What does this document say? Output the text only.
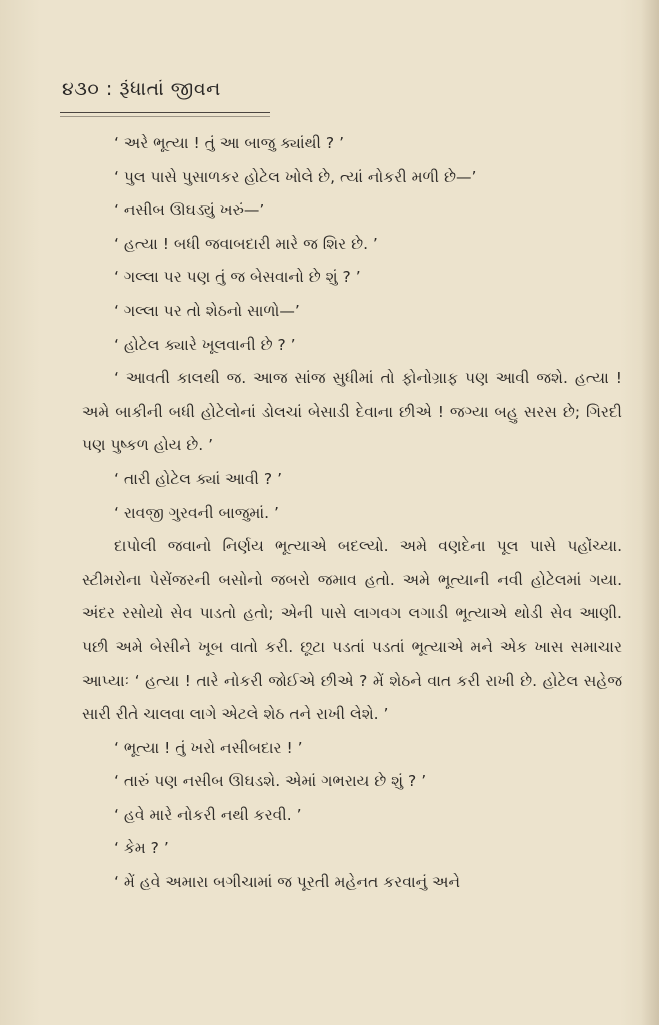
૪૩૦ : રૂંધાતાં જીવન
‘ અરે ભૂત્યા ! તું આ બાજુ ક્યાંથી ? ’
‘ પુલ પાસે પુસાળકર હોટેલ ખોલે છે, ત્યાં નોકરી મળી છે—’
‘ નસીબ ઊઘડ્યું ખરું—’
‘ હત્યા ! બધી જવાબદારી મારે જ શિર છે. ’
‘ ગલ્લા પર પણ તું જ બેસવાનો છે શું ? ’
‘ ગલ્લા પર તો શેઠનો સાળો—’
‘ હોટેલ ક્યારે ખૂલવાની છે ? ’
‘ આવતી કાલથી જ. આજ સાંજ સુધીમાં તો ફોનોગ્રાફ પણ આવી જશે. હત્યા ! અમે બાકીની બધી હોટેલોનાં ડોલચાં બેસાડી દેવાના છીએ ! જગ્યા બહુ સરસ છે; ગિરદી પણ પુષ્કળ હોય છે. ’
‘ તારી હોટેલ ક્યાં આવી ? ’
‘ રાવજી ગુરવની બાજુમાં. ’
દાપોલી જવાનો નિર્ણય ભૂત્યાએ બદલ્યો. અમે વણદેના પૂલ પાસે પહોંચ્યા. સ્ટીમરોના પેસેંજરની બસોનો જબરો જમાવ હતો. અમે ભૂત્યાની નવી હોટેલમાં ગયા. અંદર રસોયો સેવ પાડતો હતો; એની પાસે લાગવગ લગાડી ભૂત્યાએ થોડી સેવ આણી. પછી અમે બેસીને ખૂબ વાતો કરી. છૂટા પડતાં પડતાં ભૂત્યાએ મને એક ખાસ સમાચાર આપ્યાઃ ‘ હત્યા ! તારે નોકરી જોઈએ છીએ ? મેં શેઠને વાત કરી રાખી છે. હોટેલ સહેજ સારી રીતે ચાલવા લાગે એટલે શેઠ તને રાખી લેશે. ’
‘ ભૂત્યા ! તું ખરો નસીબદાર ! ’
‘ તારું પણ નસીબ ઊઘડશે. એમાં ગભરાય છે શું ? ’
‘ હવે મારે નોકરી નથી કરવી. ’
‘ કેમ ? ’
‘ મેં હવે અમારા બગીચામાં જ પૂરતી મહેનત કરવાનું અને
